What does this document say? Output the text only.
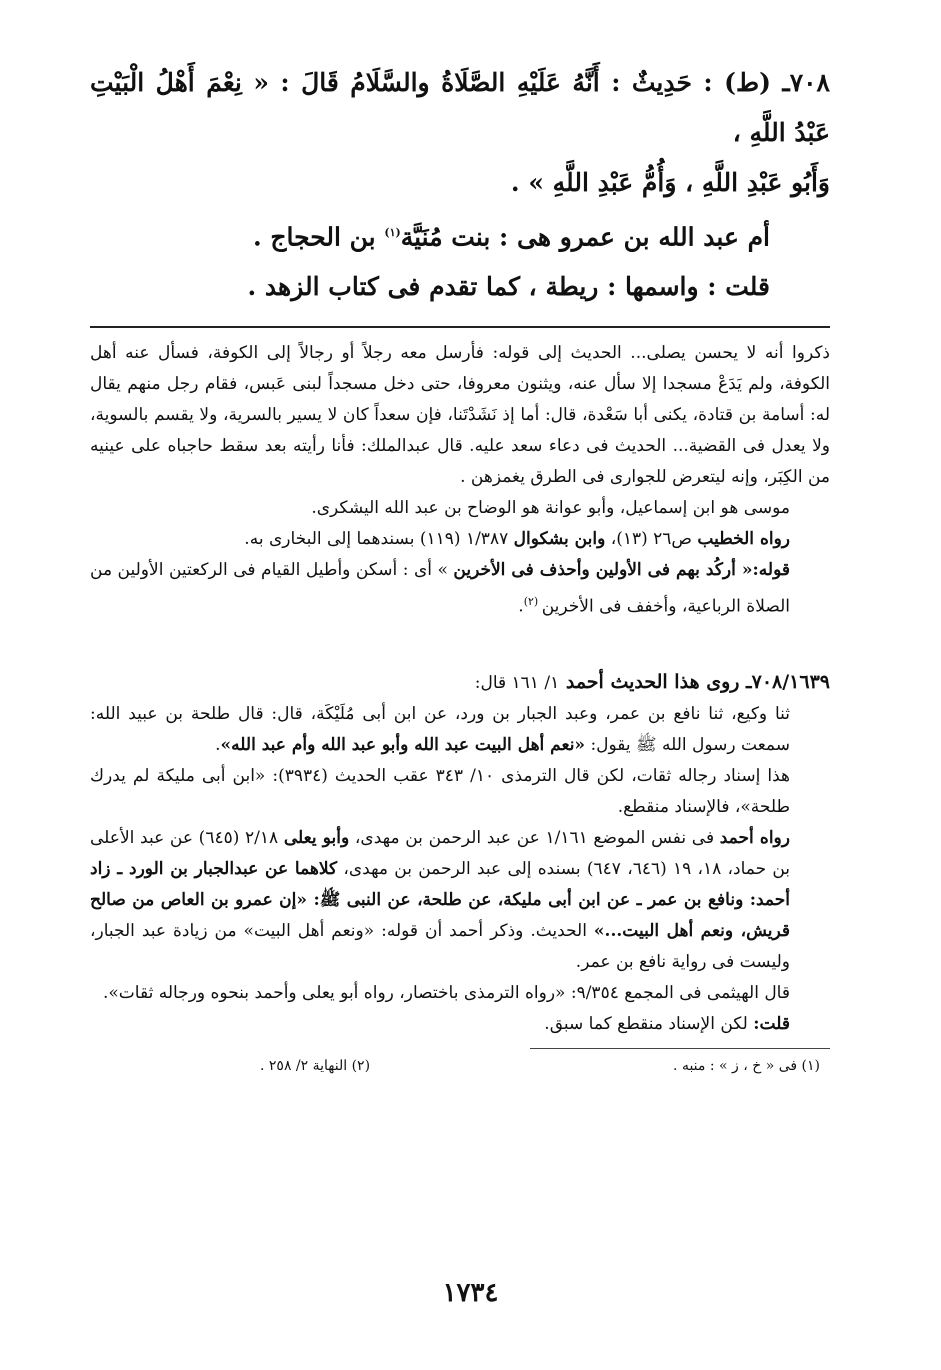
٧٠٨ـ (ط) : حَدِيثٌ : أَنَّهُ عَلَيْهِ الصَّلَاةُ والسَّلَامُ قَالَ : « نِعْمَ أَهْلُ الْبَيْتِ عَبْدُ اللَّهِ ،

وَأَبُو عَبْدِ اللَّهِ ، وَأُمُّ عَبْدِ اللَّهِ » .

أم عبد الله بن عمرو هى : بنت مُنَيَّة$^{(١)}$ بن الحجاج .

قلت : واسمها : ريطة ، كما تقدم فى كتاب الزهد .

ذكروا أنه لا يحسن يصلى... الحديث إلى قوله: فأرسل معه رجلاً أو رجالاً إلى الكوفة، فسأل عنه أهل الكوفة، ولم يَدَعْ مسجدا إلا سأل عنه، ويثنون معروفا، حتى دخل مسجداً لبنى عَبس، فقام رجل منهم يقال له: أسامة بن قتادة، يكنى أبا سَعْدة، قال: أما إذ نَشَدْتَنا، فإن سعداً كان لا يسير بالسرية، ولا يقسم بالسوية، ولا يعدل فى القضية... الحديث فى دعاء سعد عليه. قال عبدالملك: فأنا رأيته بعد سقط حاجباه على عينيه من الكِبَر، وإنه ليتعرض للجوارى فى الطرق يغمزهن .

موسى هو ابن إسماعيل، وأبو عوانة هو الوضاح بن عبد الله اليشكرى.

رواه الخطيب ص٢٦ (١٣)، وابن بشكوال ١/٣٨٧ (١١٩) بسندهما إلى البخارى به.

قوله:« أركُد بهم فى الأولين وأحذف فى الأخرين » أى : أسكن وأطيل القيام فى الركعتين الأولين من الصلاة الرباعية، وأخفف فى الأخرين $^{(٢)}$.

٧٠٨/١٦٣٩ـ روى هذا الحديث أحمد ١/ ١٦١ قال:

ثنا وكيع، ثنا نافع بن عمر، وعبد الجبار بن ورد، عن ابن أبى مُلَيْكَة، قال: قال طلحة بن عبيد الله: سمعت رسول الله ﷺ يقول: «نعم أهل البيت عبد الله وأبو عبد الله وأم عبد الله».

هذا إسناد رجاله ثقات، لكن قال الترمذى ١٠/ ٣٤٣ عقب الحديث (٣٩٣٤): «ابن أبى مليكة لم يدرك طلحة»، فالإسناد منقطع.

رواه أحمد فى نفس الموضع ١/١٦١ عن عبد الرحمن بن مهدى، وأبو يعلى ٢/١٨ (٦٤٥) عن عبد الأعلى بن حماد، ١٨، ١٩ (٦٤٦، ٦٤٧) بسنده إلى عبد الرحمن بن مهدى، كلاهما عن عبدالجبار بن الورد ـ زاد أحمد: ونافع بن عمر ـ عن ابن أبى مليكة، عن طلحة، عن النبى ﷺ: «إن عمرو بن العاص من صالح قريش، ونعم أهل البيت...» الحديث. وذكر أحمد أن قوله: «ونعم أهل البيت» من زيادة عبد الجبار، وليست فى رواية نافع بن عمر.

قال الهيثمى فى المجمع ٩/٣٥٤: «رواه الترمذى باختصار، رواه أبو يعلى وأحمد بنحوه ورجاله ثقات».

قلت: لكن الإسناد منقطع كما سبق.

(١) فى « خ ، ز » : منبه .
(٢) النهاية ٢/ ٢٥٨ .
١٧٣٤
